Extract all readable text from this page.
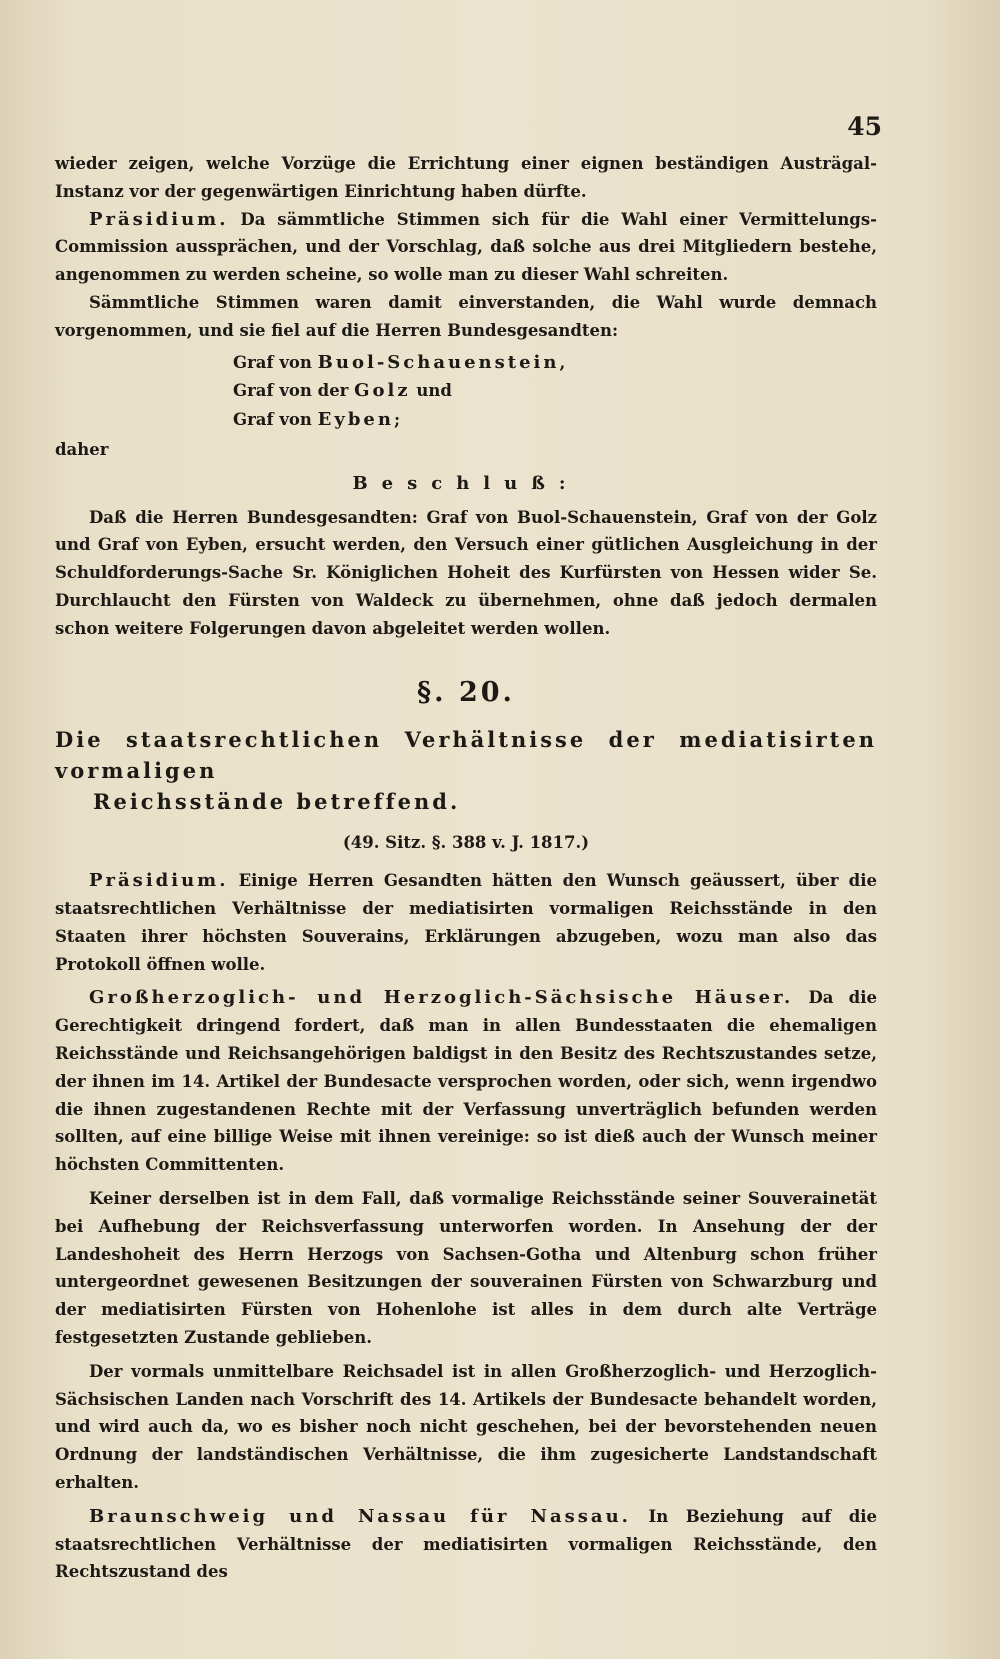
45

wieder zeigen, welche Vorzüge die Errichtung einer eignen beständigen Austrägal-Instanz vor der gegenwärtigen Einrichtung haben dürfte.

Präsidium. Da sämmtliche Stimmen sich für die Wahl einer Vermittelungs-Commission aussprächen, und der Vorschlag, daß solche aus drei Mitgliedern bestehe, angenommen zu werden scheine, so wolle man zu dieser Wahl schreiten.

Sämmtliche Stimmen waren damit einverstanden, die Wahl wurde demnach vorgenommen, und sie fiel auf die Herren Bundesgesandten:

Graf von Buol-Schauenstein,
Graf von der Golz und
Graf von Eyben;
daher
Beschluß:

Daß die Herren Bundesgesandten: Graf von Buol-Schauenstein, Graf von der Golz und Graf von Eyben, ersucht werden, den Versuch einer gütlichen Ausgleichung in der Schuldforderungs-Sache Sr. Königlichen Hoheit des Kurfürsten von Hessen wider Se. Durchlaucht den Fürsten von Waldeck zu übernehmen, ohne daß jedoch dermalen schon weitere Folgerungen davon abgeleitet werden wollen.

§. 20.

Die staatsrechtlichen Verhältnisse der mediatisirten vormaligen
Reichsstände betreffend.

(49. Sitz. §. 388 v. J. 1817.)

Präsidium. Einige Herren Gesandten hätten den Wunsch geäussert, über die staatsrechtlichen Verhältnisse der mediatisirten vormaligen Reichsstände in den Staaten ihrer höchsten Souverains, Erklärungen abzugeben, wozu man also das Protokoll öffnen wolle.

Großherzoglich- und Herzoglich-Sächsische Häuser. Da die Gerechtigkeit dringend fordert, daß man in allen Bundesstaaten die ehemaligen Reichsstände und Reichsangehörigen baldigst in den Besitz des Rechtszustandes setze, der ihnen im 14. Artikel der Bundesacte versprochen worden, oder sich, wenn irgendwo die ihnen zugestandenen Rechte mit der Verfassung unverträglich befunden werden sollten, auf eine billige Weise mit ihnen vereinige: so ist dieß auch der Wunsch meiner höchsten Committenten.

Keiner derselben ist in dem Fall, daß vormalige Reichsstände seiner Souverainetät bei Aufhebung der Reichsverfassung unterworfen worden. In Ansehung der der Landeshoheit des Herrn Herzogs von Sachsen-Gotha und Altenburg schon früher untergeordnet gewesenen Besitzungen der souverainen Fürsten von Schwarzburg und der mediatisirten Fürsten von Hohenlohe ist alles in dem durch alte Verträge festgesetzten Zustande geblieben.

Der vormals unmittelbare Reichsadel ist in allen Großherzoglich- und Herzoglich-Sächsischen Landen nach Vorschrift des 14. Artikels der Bundesacte behandelt worden, und wird auch da, wo es bisher noch nicht geschehen, bei der bevorstehenden neuen Ordnung der landständischen Verhältnisse, die ihm zugesicherte Landstandschaft erhalten.

Braunschweig und Nassau für Nassau. In Beziehung auf die staatsrechtlichen Verhältnisse der mediatisirten vormaligen Reichsstände, den Rechtszustand des
